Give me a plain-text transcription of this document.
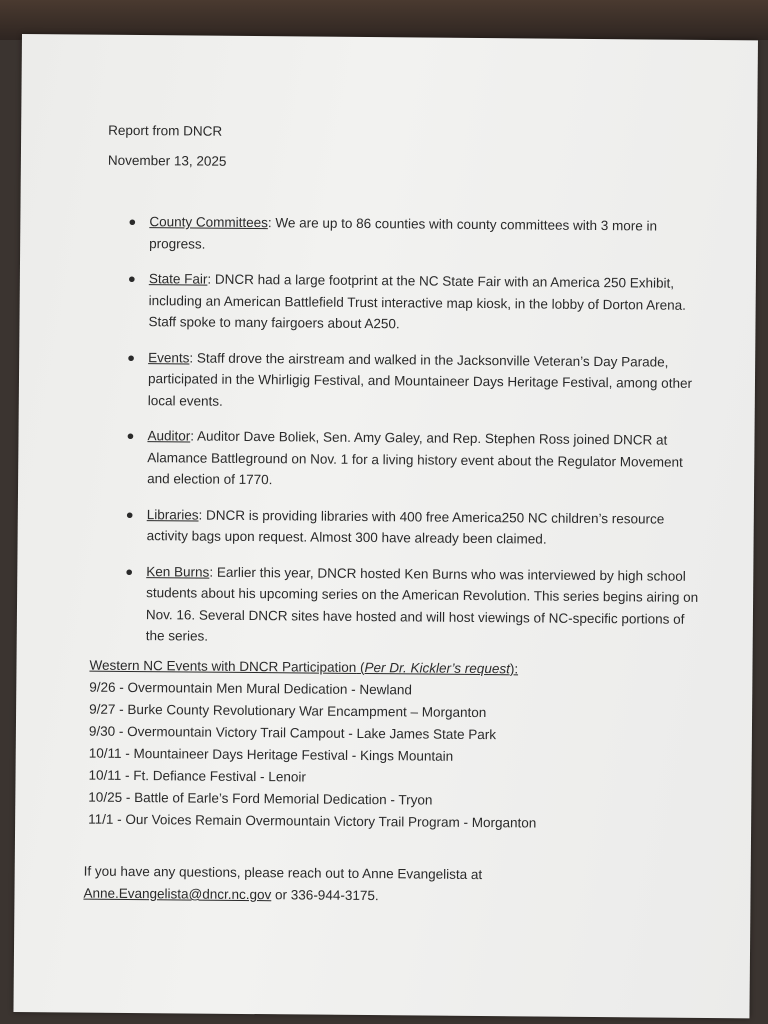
Report from DNCR
November 13, 2025
● County Committees: We are up to 86 counties with county committees with 3 more in progress.
● State Fair: DNCR had a large footprint at the NC State Fair with an America 250 Exhibit, including an American Battlefield Trust interactive map kiosk, in the lobby of Dorton Arena. Staff spoke to many fairgoers about A250.
● Events: Staff drove the airstream and walked in the Jacksonville Veteran’s Day Parade, participated in the Whirligig Festival, and Mountaineer Days Heritage Festival, among other local events.
● Auditor: Auditor Dave Boliek, Sen. Amy Galey, and Rep. Stephen Ross joined DNCR at Alamance Battleground on Nov. 1 for a living history event about the Regulator Movement and election of 1770.
● Libraries: DNCR is providing libraries with 400 free America250 NC children’s resource activity bags upon request. Almost 300 have already been claimed.
● Ken Burns: Earlier this year, DNCR hosted Ken Burns who was interviewed by high school students about his upcoming series on the American Revolution. This series begins airing on Nov. 16. Several DNCR sites have hosted and will host viewings of NC-specific portions of the series.
Western NC Events with DNCR Participation (Per Dr. Kickler’s request):
9/26 - Overmountain Men Mural Dedication - Newland
9/27 - Burke County Revolutionary War Encampment – Morganton
9/30 - Overmountain Victory Trail Campout - Lake James State Park
10/11 - Mountaineer Days Heritage Festival - Kings Mountain
10/11 - Ft. Defiance Festival - Lenoir
10/25 - Battle of Earle’s Ford Memorial Dedication - Tryon
11/1 - Our Voices Remain Overmountain Victory Trail Program - Morganton
If you have any questions, please reach out to Anne Evangelista at
Anne.Evangelista@dncr.nc.gov or 336-944-3175.
